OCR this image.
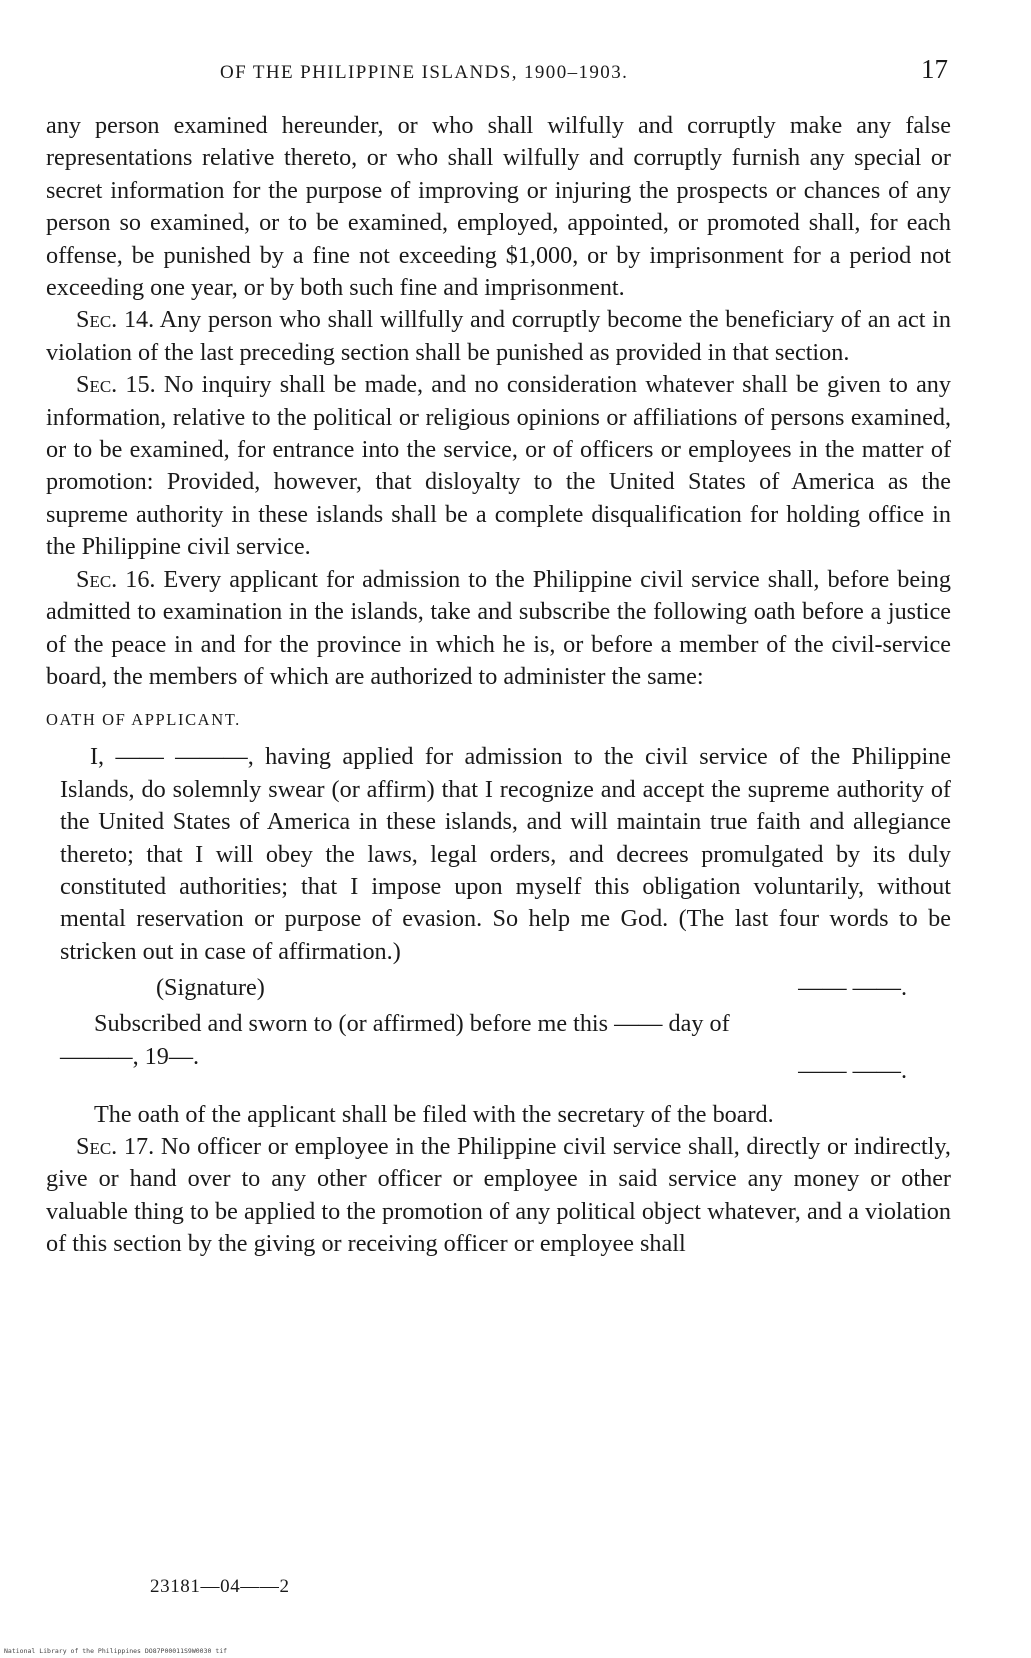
OF THE PHILIPPINE ISLANDS, 1900–1903.	17

any person examined hereunder, or who shall wilfully and corruptly make any false representations relative thereto, or who shall wilfully and corruptly furnish any special or secret information for the purpose of improving or injuring the prospects or chances of any person so examined, or to be examined, employed, appointed, or promoted shall, for each offense, be punished by a fine not exceeding $1,000, or by imprisonment for a period not exceeding one year, or by both such fine and imprisonment.

Sec. 14. Any person who shall willfully and corruptly become the beneficiary of an act in violation of the last preceding section shall be punished as provided in that section.

Sec. 15. No inquiry shall be made, and no consideration whatever shall be given to any information, relative to the political or religious opinions or affiliations of persons examined, or to be examined, for entrance into the service, or of officers or employees in the matter of promotion: Provided, however, that disloyalty to the United States of America as the supreme authority in these islands shall be a complete disqualification for holding office in the Philippine civil service.

Sec. 16. Every applicant for admission to the Philippine civil service shall, before being admitted to examination in the islands, take and subscribe the following oath before a justice of the peace in and for the province in which he is, or before a member of the civil-service board, the members of which are authorized to administer the same:

OATH OF APPLICANT.

I, —— ———, having applied for admission to the civil service of the Philippine Islands, do solemnly swear (or affirm) that I recognize and accept the supreme authority of the United States of America in these islands, and will maintain true faith and allegiance thereto; that I will obey the laws, legal orders, and decrees promulgated by its duly constituted authorities; that I impose upon myself this obligation voluntarily, without mental reservation or purpose of evasion. So help me God. (The last four words to be stricken out in case of affirmation.)

(Signature)	—— ——.

Subscribed and sworn to (or affirmed) before me this —— day of

———, 19—.
—— ——.

The oath of the applicant shall be filed with the secretary of the board.

Sec. 17. No officer or employee in the Philippine civil service shall, directly or indirectly, give or hand over to any other officer or employee in said service any money or other valuable thing to be applied to the promotion of any political object whatever, and a violation of this section by the giving or receiving officer or employee shall

23181—04——2
National Library of the Philippines DO87P00011S9W0030 tif
